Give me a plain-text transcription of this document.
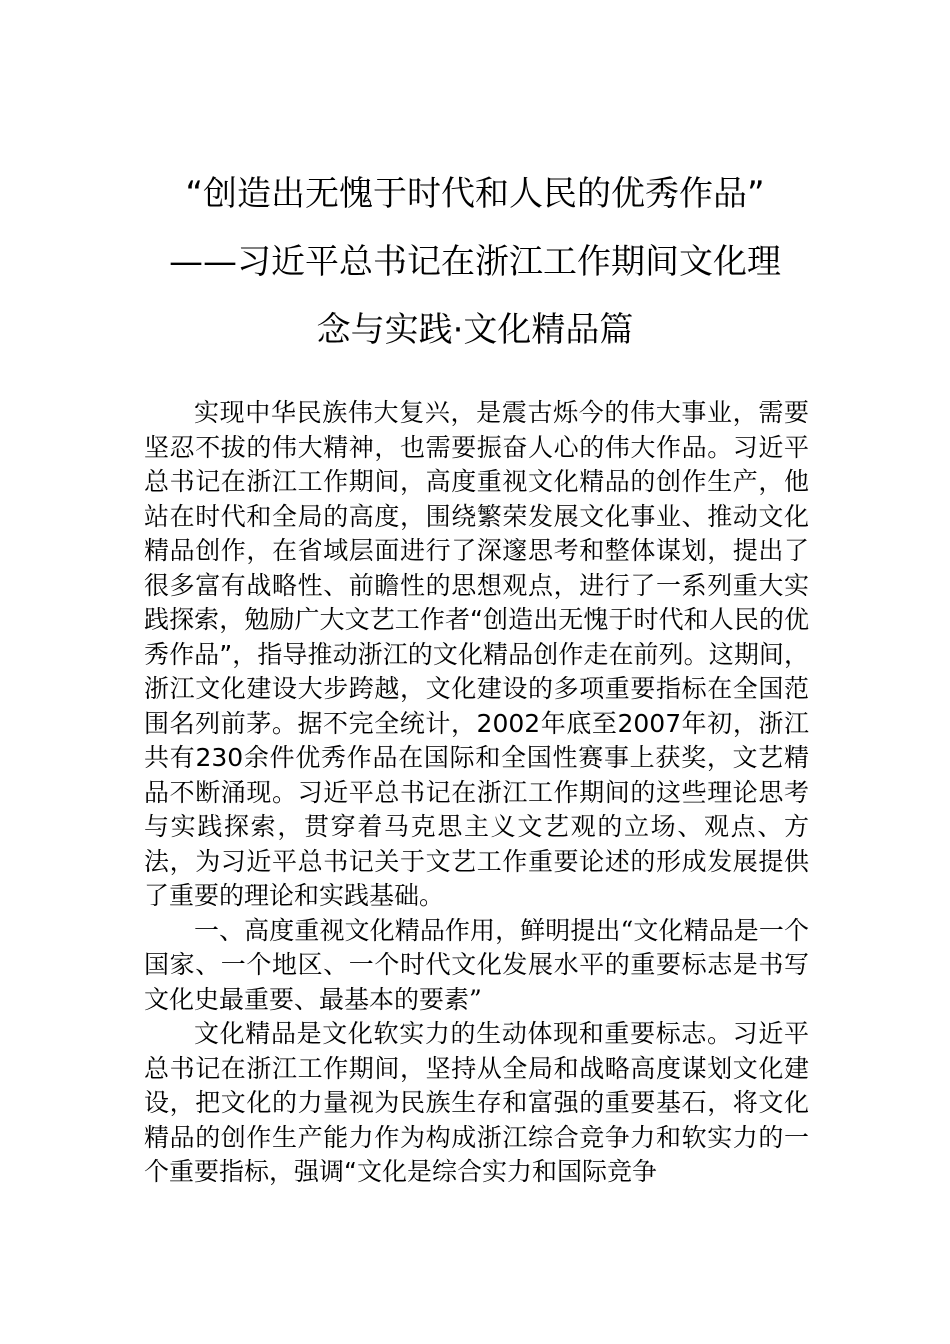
“创造出无愧于时代和人民的优秀作品”
——习近平总书记在浙江工作期间文化理
念与实践·文化精品篇

实现中华民族伟大复兴，是震古烁今的伟大事业，需要坚忍不拔的伟大精神，也需要振奋人心的伟大作品。习近平总书记在浙江工作期间，高度重视文化精品的创作生产，他站在时代和全局的高度，围绕繁荣发展文化事业、推动文化精品创作，在省域层面进行了深邃思考和整体谋划，提出了很多富有战略性、前瞻性的思想观点，进行了一系列重大实践探索，勉励广大文艺工作者“创造出无愧于时代和人民的优秀作品”，指导推动浙江的文化精品创作走在前列。这期间，浙江文化建设大步跨越，文化建设的多项重要指标在全国范围名列前茅。据不完全统计，2002年底至2007年初，浙江共有230余件优秀作品在国际和全国性赛事上获奖，文艺精品不断涌现。习近平总书记在浙江工作期间的这些理论思考与实践探索，贯穿着马克思主义文艺观的立场、观点、方法，为习近平总书记关于文艺工作重要论述的形成发展提供了重要的理论和实践基础。

一、高度重视文化精品作用，鲜明提出“文化精品是一个国家、一个地区、一个时代文化发展水平的重要标志是书写文化史最重要、最基本的要素”

文化精品是文化软实力的生动体现和重要标志。习近平总书记在浙江工作期间，坚持从全局和战略高度谋划文化建设，把文化的力量视为民族生存和富强的重要基石，将文化精品的创作生产能力作为构成浙江综合竞争力和软实力的一个重要指标，强调“文化是综合实力和国际竞争
